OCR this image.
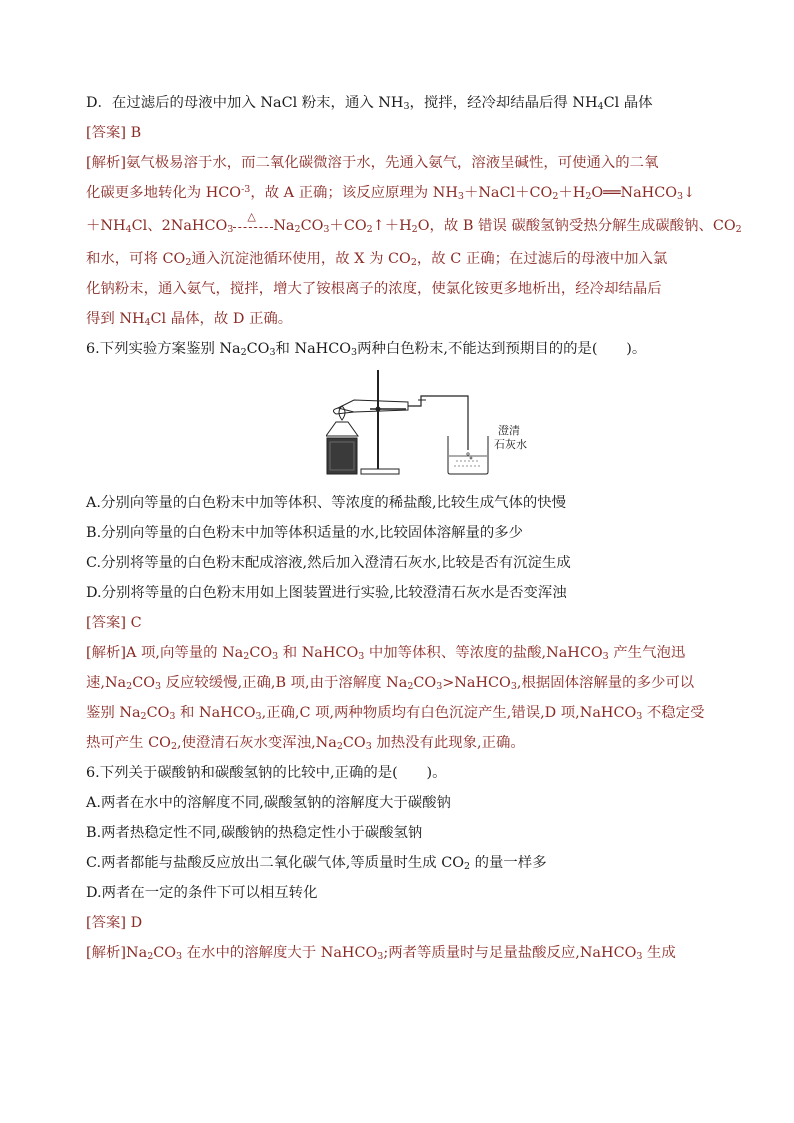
D．在过滤后的母液中加入 NaCl 粉末，通入 $NH_3$，搅拌，经冷却结晶后得 $NH_4Cl$ 晶体
[答案] B
[解析]氨气极易溶于水，而二氧化碳微溶于水，先通入氨气，溶液呈碱性，可使通入的二氧
化碳更多地转化为 $HCO^{-3}$，故 A 正确；该反应原理为 $NH_3+NaCl+CO_2+H_2O══NaHCO_3↓$
$+NH_4Cl$、2NaHCO$_3$
△
$Na_2CO_3+CO_2↑+H_2O$，故 B 错误 碳酸氢钠受热分解生成碳酸钠、$CO_2$
和水，可将 $CO_2$通入沉淀池循环使用，故 X 为 $CO_2$，故 C 正确；在过滤后的母液中加入氯
化钠粉末，通入氨气，搅拌，增大了铵根离子的浓度，使氯化铵更多地析出，经冷却结晶后
得到 $NH_4Cl$ 晶体，故 D 正确。
6.下列实验方案鉴别 $Na_2CO_3$和 NaHCO$_3$两种白色粉末,不能达到预期目的的是(　　)。
澄清
石灰水
A.分别向等量的白色粉末中加等体积、等浓度的稀盐酸,比较生成气体的快慢
B.分别向等量的白色粉末中加等体积适量的水,比较固体溶解量的多少
C.分别将等量的白色粉末配成溶液,然后加入澄清石灰水,比较是否有沉淀生成
D.分别将等量的白色粉末用如上图装置进行实验,比较澄清石灰水是否变浑浊
[答案] C
[解析]A 项,向等量的 $Na_2CO_3$ 和 NaHCO$_3$ 中加等体积、等浓度的盐酸,NaHCO$_3$ 产生气泡迅
速$,Na_2CO_3$ 反应较缓慢,正确,B 项,由于溶解度 $Na_2CO_3>NaHCO_3$,根据固体溶解量的多少可以
鉴别 $Na_2CO_3$ 和 NaHCO$_3$,正确,C 项,两种物质均有白色沉淀产生,错误,D 项,NaHCO$_3$ 不稳定受
热可产生 $CO_2$,使澄清石灰水变浑浊$,Na_2CO_3$ 加热没有此现象,正确。
6.下列关于碳酸钠和碳酸氢钠的比较中,正确的是(　　)。
A.两者在水中的溶解度不同,碳酸氢钠的溶解度大于碳酸钠
B.两者热稳定性不同,碳酸钠的热稳定性小于碳酸氢钠
C.两者都能与盐酸反应放出二氧化碳气体,等质量时生成 $CO_2$ 的量一样多
D.两者在一定的条件下可以相互转化
[答案] D
[解析]$Na_2CO_3$ 在水中的溶解度大于 NaHCO$_3$;两者等质量时与足量盐酸反应,NaHCO$_3$ 生成
